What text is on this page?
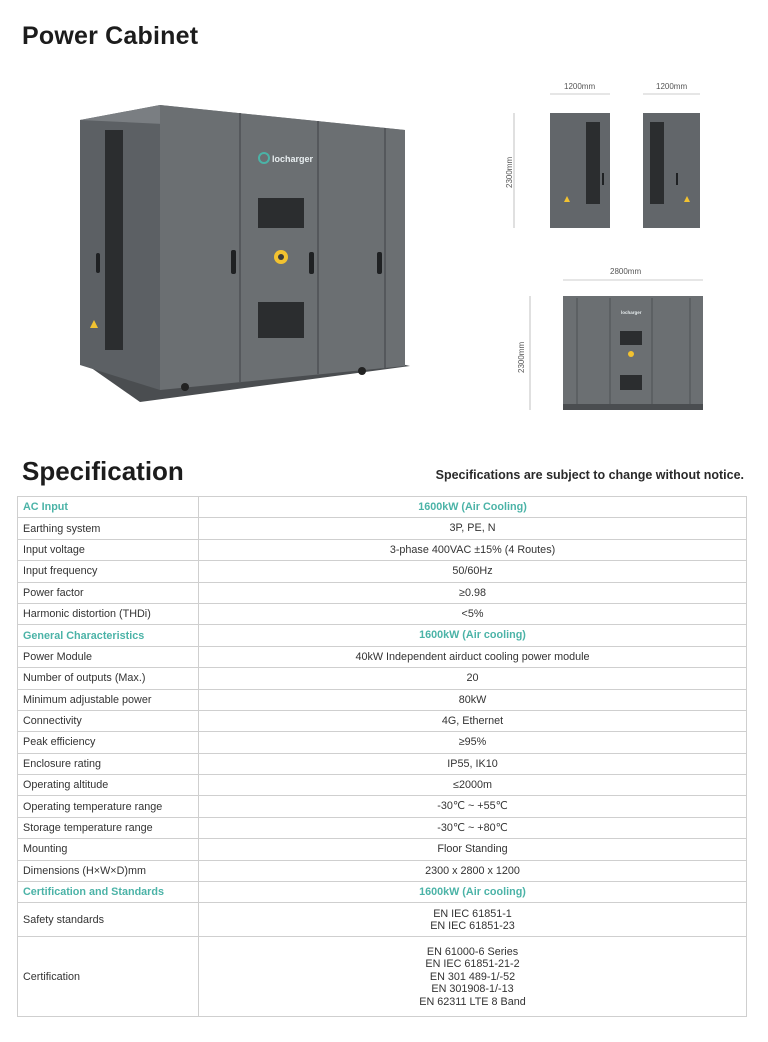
Power Cabinet
locharger
1200mm	1200mm
2300mm
2800mm
2300mm
locharger
Specification	Specifications are subject to change without notice.
AC Input	1600kW (Air Cooling)
Earthing system	3P, PE, N
Input voltage	3-phase 400VAC ±15% (4 Routes)
Input frequency	50/60Hz
Power factor	≥0.98
Harmonic distortion (THDi)	<5%
General Characteristics	1600kW (Air cooling)
Power Module	40kW Independent airduct cooling power module
Number of outputs (Max.)	20
Minimum adjustable power	80kW
Connectivity	4G, Ethernet
Peak efficiency	≥95%
Enclosure rating	IP55, IK10
Operating altitude	≤2000m
Operating temperature range	-30℃ ~ +55℃
Storage temperature range	-30℃ ~ +80℃
Mounting	Floor Standing
Dimensions (H×W×D)mm	2300 x 2800 x 1200
Certification and Standards	1600kW (Air cooling)
Safety standards	EN IEC 61851-1
EN IEC 61851-23

Certification	EN 61000-6 Series
EN IEC 61851-21-2
EN 301 489-1/-52
EN 301908-1/-13
EN 62311 LTE 8 Band
